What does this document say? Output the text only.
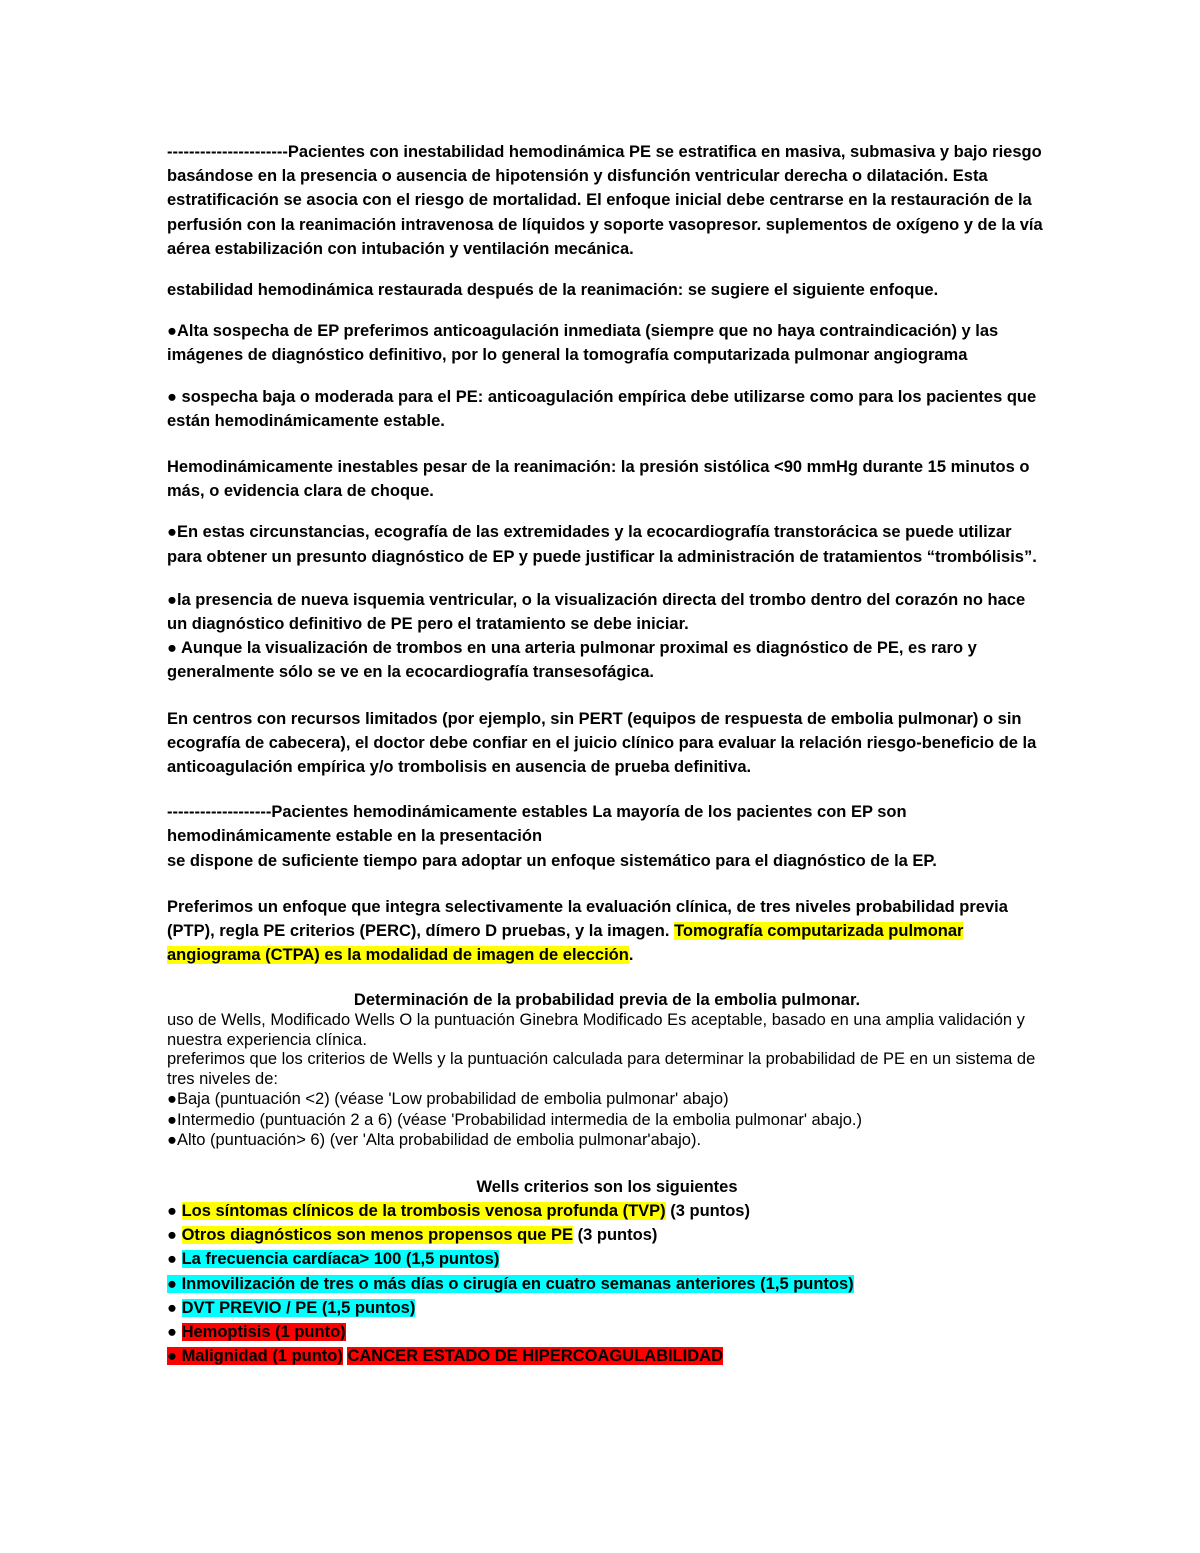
----------------------Pacientes con inestabilidad hemodinámica PE se estratifica en masiva, submasiva y bajo riesgo basándose en la presencia o ausencia de hipotensión y disfunción ventricular derecha o dilatación. Esta estratificación se asocia con el riesgo de mortalidad. El enfoque inicial debe centrarse en la restauración de la perfusión con la reanimación intravenosa de líquidos y soporte vasopresor. suplementos de oxígeno y de la vía aérea estabilización con intubación y ventilación mecánica.
estabilidad hemodinámica restaurada después de la reanimación: se sugiere el siguiente enfoque.
●Alta sospecha de EP preferimos anticoagulación inmediata (siempre que no haya contraindicación) y las imágenes de diagnóstico definitivo, por lo general la tomografía computarizada pulmonar angiograma
● sospecha baja o moderada para el PE: anticoagulación empírica debe utilizarse como para los pacientes que están hemodinámicamente estable.
Hemodinámicamente inestables pesar de la reanimación: la presión sistólica <90 mmHg durante 15 minutos o más, o evidencia clara de choque.
●En estas circunstancias, ecografía de las extremidades y la ecocardiografía transtorácica se puede utilizar para obtener un presunto diagnóstico de EP y puede justificar la administración de tratamientos “trombólisis”.

●la presencia de nueva isquemia ventricular, o la visualización directa del trombo dentro del corazón no hace un diagnóstico definitivo de PE pero el tratamiento se debe iniciar.

● Aunque la visualización de trombos en una arteria pulmonar proximal es diagnóstico de PE, es raro y generalmente sólo se ve en la ecocardiografía transesofágica.

En centros con recursos limitados (por ejemplo, sin PERT (equipos de respuesta de embolia pulmonar) o sin ecografía de cabecera), el doctor debe confiar en el juicio clínico para evaluar la relación riesgo-beneficio de la anticoagulación empírica y/o trombolisis en ausencia de prueba definitiva.

-------------------Pacientes hemodinámicamente estables La mayoría de los pacientes con EP son hemodinámicamente estable en la presentación

se dispone de suficiente tiempo para adoptar un enfoque sistemático para el diagnóstico de la EP.

Preferimos un enfoque que integra selectivamente la evaluación clínica, de tres niveles probabilidad previa (PTP), regla PE criterios (PERC), dímero D pruebas, y la imagen. Tomografía computarizada pulmonar angiograma (CTPA) es la modalidad de imagen de elección.

Determinación de la probabilidad previa de la embolia pulmonar.

uso de Wells, Modificado Wells O la puntuación Ginebra Modificado Es aceptable, basado en una amplia validación y nuestra experiencia clínica.

preferimos que los criterios de Wells y la puntuación calculada para determinar la probabilidad de PE en un sistema de tres niveles de:

●Baja (puntuación <2) (véase 'Low probabilidad de embolia pulmonar' abajo)

●Intermedio (puntuación 2 a 6) (véase 'Probabilidad intermedia de la embolia pulmonar' abajo.)

●Alto (puntuación> 6) (ver 'Alta probabilidad de embolia pulmonar'abajo).

Wells criterios son los siguientes

● Los síntomas clínicos de la trombosis venosa profunda (TVP) (3 puntos)
● Otros diagnósticos son menos propensos que PE (3 puntos)
● La frecuencia cardíaca> 100 (1,5 puntos)
● Inmovilización de tres o más días o cirugía en cuatro semanas anteriores (1,5 puntos)
● DVT PREVIO / PE (1,5 puntos)
● Hemoptisis (1 punto)
● Malignidad (1 punto) CANCER ESTADO DE HIPERCOAGULABILIDAD
